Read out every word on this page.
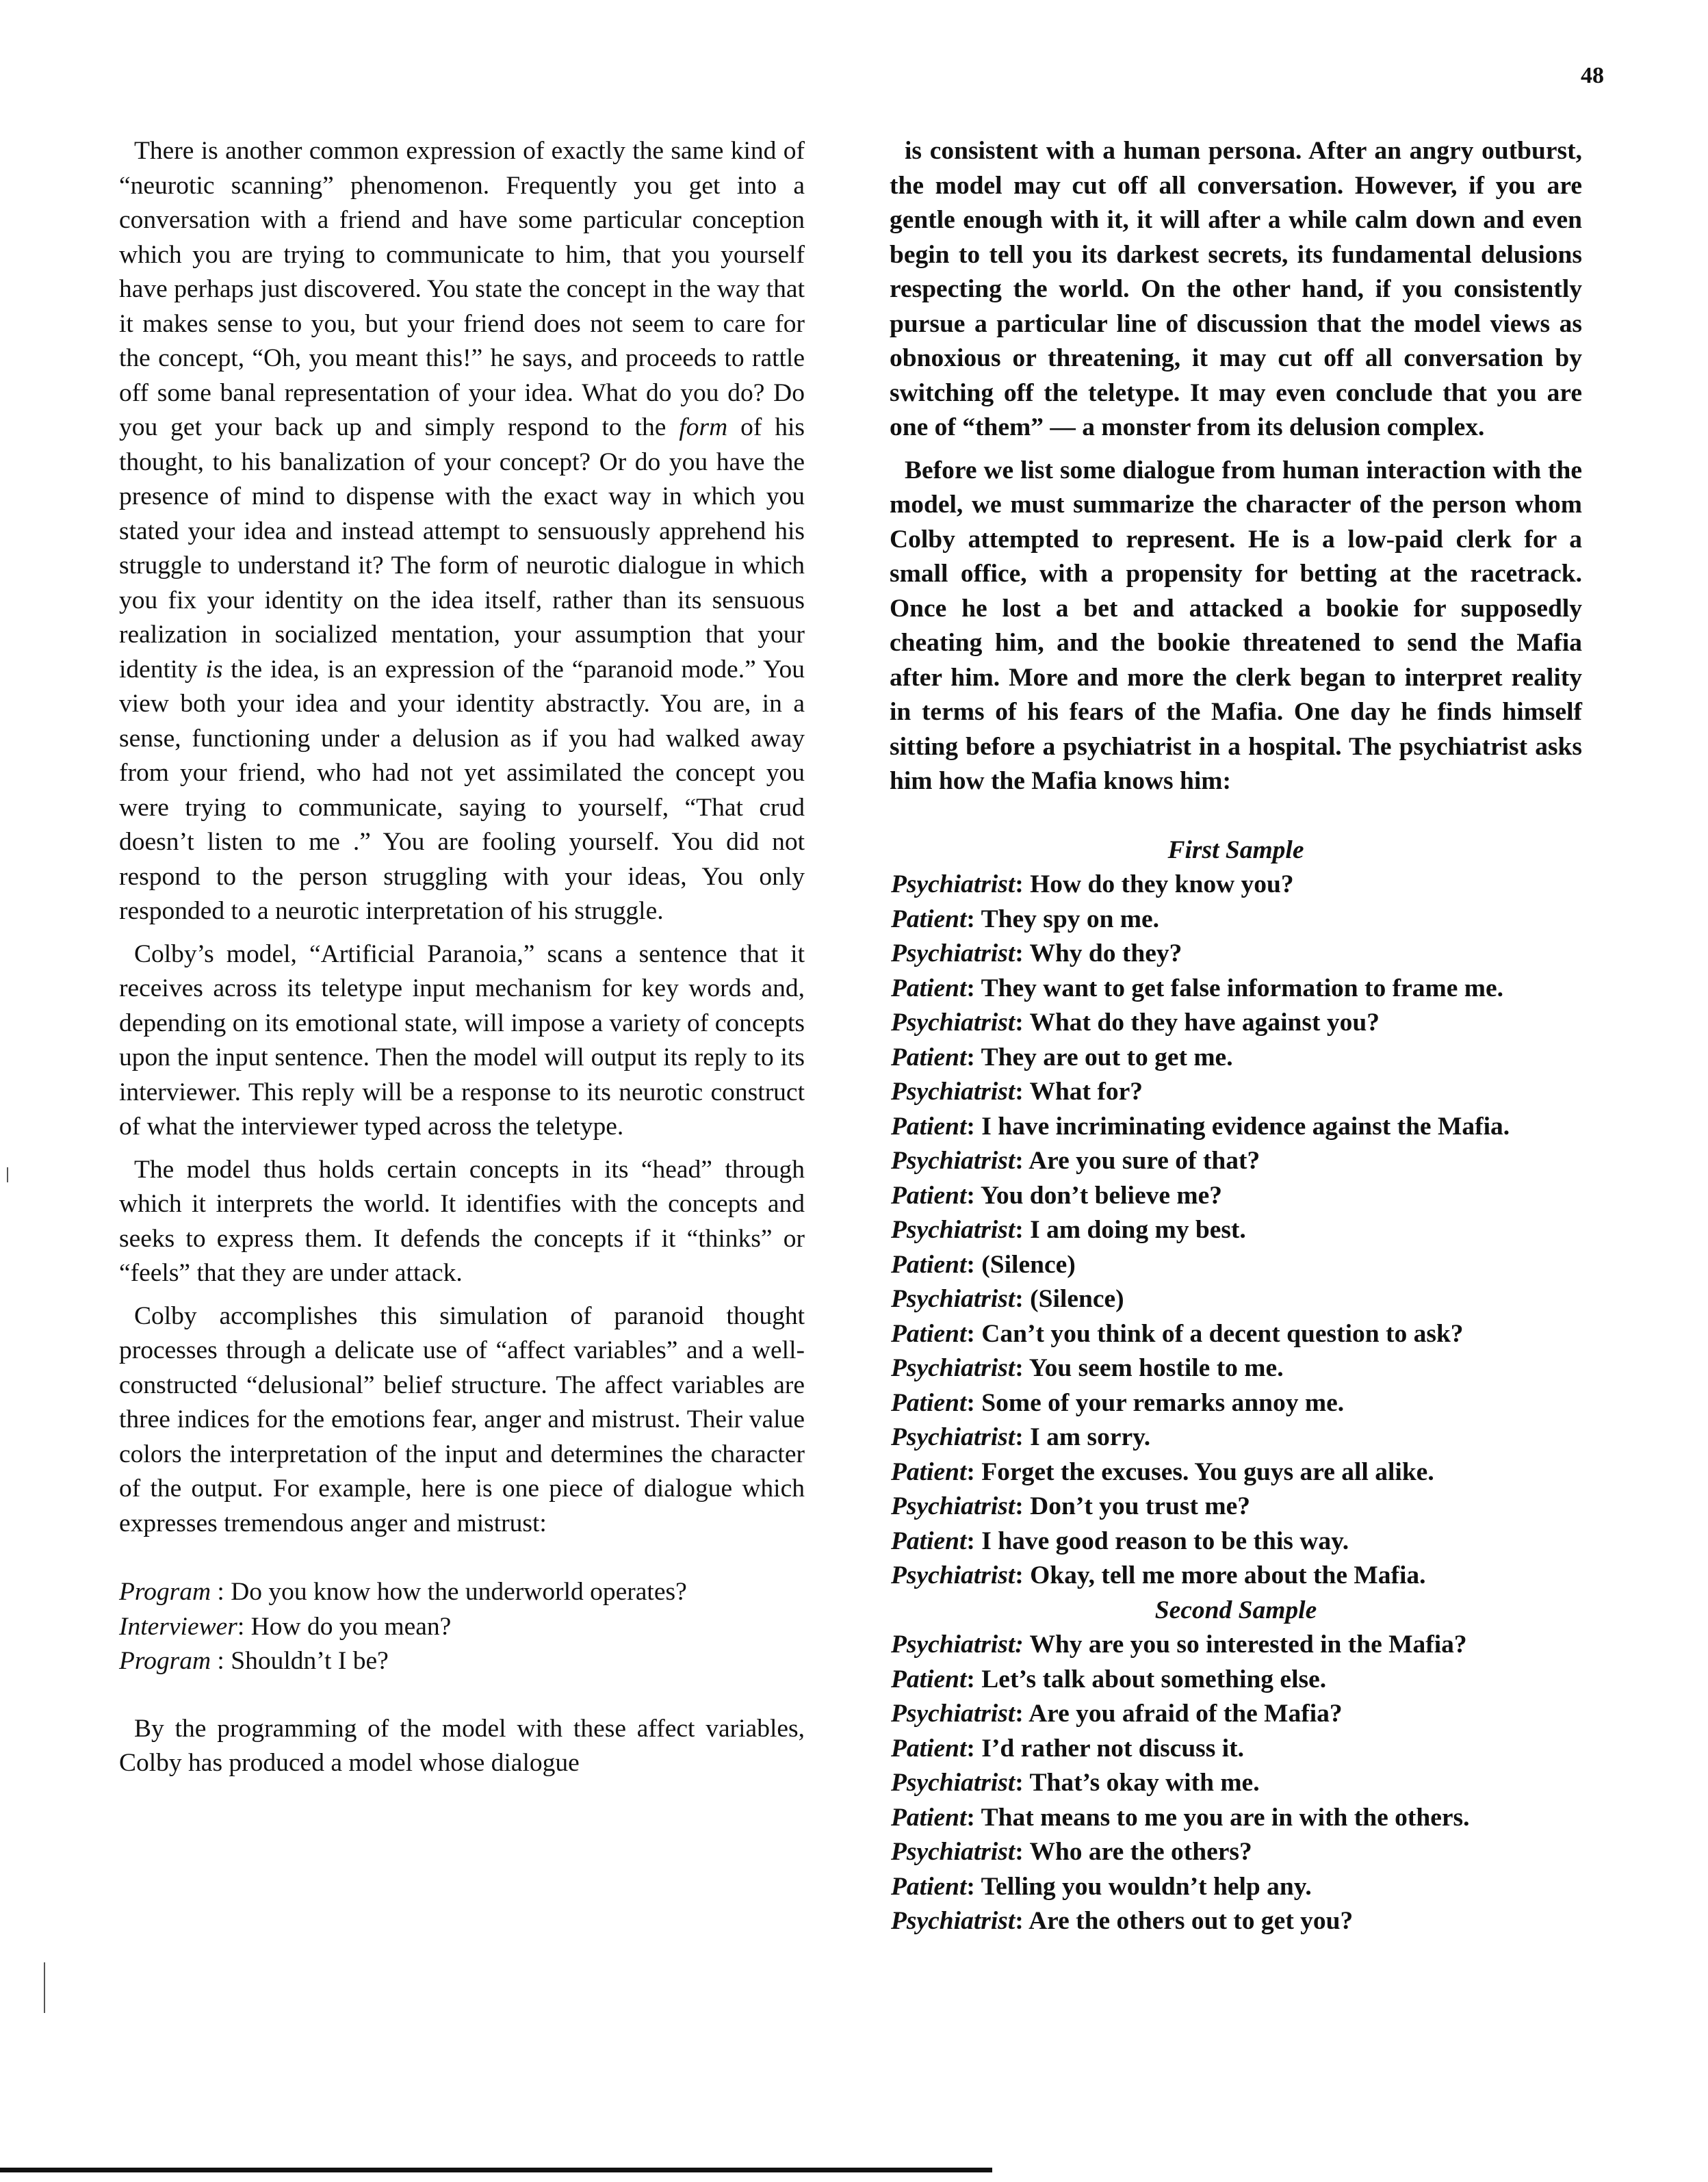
48

There is another common expression of exactly the same kind of “neurotic scanning” phenomenon. Frequently you get into a conversation with a friend and have some particular conception which you are trying to communicate to him, that you yourself have perhaps just discovered. You state the concept in the way that it makes sense to you, but your friend does not seem to care for the concept, “Oh, you meant this!” he says, and proceeds to rattle off some banal representation of your idea. What do you do? Do you get your back up and simply respond to the form of his thought, to his banalization of your concept? Or do you have the presence of mind to dispense with the exact way in which you stated your idea and instead attempt to sensuously apprehend his struggle to understand it? The form of neurotic dialogue in which you fix your identity on the idea itself, rather than its sensuous realization in socialized mentation, your assumption that your identity is the idea, is an expression of the “paranoid mode.” You view both your idea and your identity abstractly. You are, in a sense, functioning under a delusion as if you had walked away from your friend, who had not yet assimilated the concept you were trying to communicate, saying to yourself, “That crud doesn’t listen to me .” You are fooling yourself. You did not respond to the person struggling with your ideas, You only responded to a neurotic interpretation of his struggle.

Colby’s model, “Artificial Paranoia,” scans a sentence that it receives across its teletype input mechanism for key words and, depending on its emotional state, will impose a variety of concepts upon the input sentence. Then the model will output its reply to its interviewer. This reply will be a response to its neurotic construct of what the interviewer typed across the teletype.

The model thus holds certain concepts in its “head” through which it interprets the world. It identifies with the concepts and seeks to express them. It defends the concepts if it “thinks” or “feels” that they are under attack.

Colby accomplishes this simulation of paranoid thought processes through a delicate use of “affect variables” and a well-constructed “delusional” belief structure. The affect variables are three indices for the emotions fear, anger and mistrust. Their value colors the interpretation of the input and determines the character of the output. For example, here is one piece of dialogue which expresses tremendous anger and mistrust:

Program : Do you know how the underworld operates?
Interviewer: How do you mean?
Program : Shouldn’t I be?

By the programming of the model with these affect variables, Colby has produced a model whose dialogue

is consistent with a human persona. After an angry outburst, the model may cut off all conversation. However, if you are gentle enough with it, it will after a while calm down and even begin to tell you its darkest secrets, its fundamental delusions respecting the world. On the other hand, if you consistently pursue a particular line of discussion that the model views as obnoxious or threatening, it may cut off all conversation by switching off the teletype. It may even conclude that you are one of “them” — a monster from its delusion complex.

Before we list some dialogue from human interaction with the model, we must summarize the character of the person whom Colby attempted to represent. He is a low-paid clerk for a small office, with a propensity for betting at the racetrack. Once he lost a bet and attacked a bookie for supposedly cheating him, and the bookie threatened to send the Mafia after him. More and more the clerk began to interpret reality in terms of his fears of the Mafia. One day he finds himself sitting before a psychiatrist in a hospital. The psychiatrist asks him how the Mafia knows him:

First Sample
Psychiatrist: How do they know you?
Patient: They spy on me.
Psychiatrist: Why do they?
Patient: They want to get false information to frame me.
Psychiatrist: What do they have against you?
Patient: They are out to get me.
Psychiatrist: What for?
Patient: I have incriminating evidence against the Mafia.
Psychiatrist: Are you sure of that?
Patient: You don’t believe me?
Psychiatrist: I am doing my best.
Patient: (Silence)
Psychiatrist: (Silence)
Patient: Can’t you think of a decent question to ask?
Psychiatrist: You seem hostile to me.
Patient: Some of your remarks annoy me.
Psychiatrist: I am sorry.
Patient: Forget the excuses. You guys are all alike.
Psychiatrist: Don’t you trust me?
Patient: I have good reason to be this way.
Psychiatrist: Okay, tell me more about the Mafia.
Second Sample
Psychiatrist: Why are you so interested in the Mafia?
Patient: Let’s talk about something else.
Psychiatrist: Are you afraid of the Mafia?
Patient: I’d rather not discuss it.
Psychiatrist: That’s okay with me.
Patient: That means to me you are in with the others.
Psychiatrist: Who are the others?
Patient: Telling you wouldn’t help any.
Psychiatrist: Are the others out to get you?
